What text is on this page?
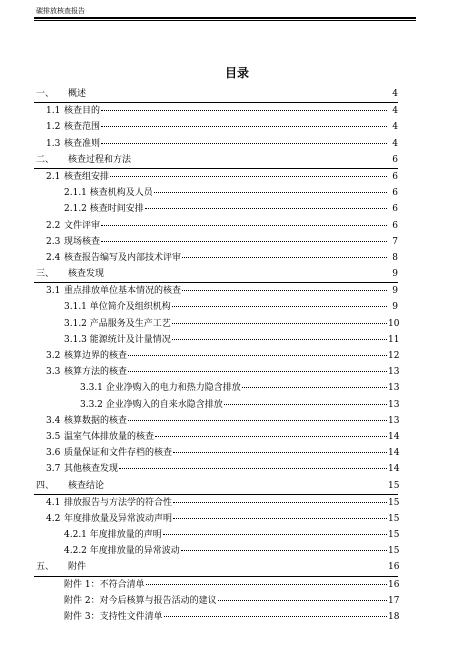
碳排放核查报告
目录
一、	概述	4
1.1 核查目的	4
1.2 核查范围	4
1.3 核查准则	4
二、	核查过程和方法	6
2.1 核查组安排	6
2.1.1 核查机构及人员	6
2.1.2 核查时间安排	6
2.2 文件评审	6
2.3 现场核查	7
2.4 核查报告编写及内部技术评审	8
三、	核查发现	9
3.1 重点排放单位基本情况的核查	9
3.1.1 单位简介及组织机构	9
3.1.2 产品服务及生产工艺	10
3.1.3 能源统计及计量情况	11
3.2 核算边界的核查	12
3.3 核算方法的核查	13
3.3.1 企业净购入的电力和热力隐含排放	13
3.3.2 企业净购入的自来水隐含排放	13
3.4 核算数据的核查	13
3.5 温室气体排放量的核查	14
3.6 质量保证和文件存档的核查	14
3.7 其他核查发现	14
四、	核查结论	15
4.1 排放报告与方法学的符合性	15
4.2 年度排放量及异常波动声明	15
4.2.1 年度排放量的声明	15
4.2.2 年度排放量的异常波动	15
五、	附件	16
附件 1：不符合清单	16
附件 2：对今后核算与报告活动的建议	17
附件 3：支持性文件清单	18
